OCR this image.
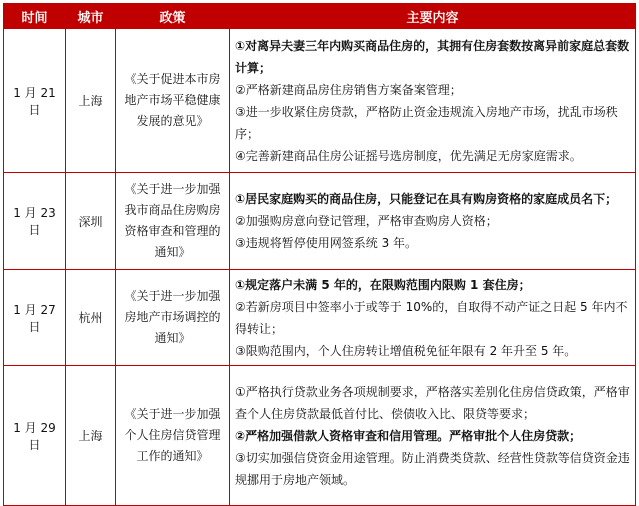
时间	城市	政策	主要内容
1 月 21 日	上海	《关于促进本市房地产市场平稳健康发展的意见》	①对离异夫妻三年内购买商品住房的，其拥有住房套数按离异前家庭总套数计算；
②严格新建商品房住房销售方案备案管理；
③进一步收紧住房贷款，严格防止资金违规流入房地产市场，扰乱市场秩序；
④完善新建商品住房公证摇号选房制度，优先满足无房家庭需求。

1 月 23 日	深圳	《关于进一步加强我市商品住房购房资格审查和管理的通知》	①居民家庭购买的商品住房，只能登记在具有购房资格的家庭成员名下；
②加强购房意向登记管理，严格审查购房人资格；
③违规将暂停使用网签系统 3 年。

1 月 27 日	杭州	《关于进一步加强房地产市场调控的通知》	①规定落户未满 5 年的，在限购范围内限购 1 套住房；
②若新房项目中签率小于或等于 10%的，自取得不动产证之日起 5 年内不得转让；
③限购范围内，个人住房转让增值税免征年限有 2 年升至 5 年。

1 月 29 日	上海	《关于进一步加强个人住房信贷管理工作的通知》	①严格执行贷款业务各项规制要求，严格落实差别化住房信贷政策，严格审查个人住房贷款最低首付比、偿债收入比、限贷等要求；
②严格加强借款人资格审查和信用管理。严格审批个人住房贷款；
③切实加强信贷资金用途管理。防止消费类贷款、经营性贷款等信贷资金违规挪用于房地产领域。
